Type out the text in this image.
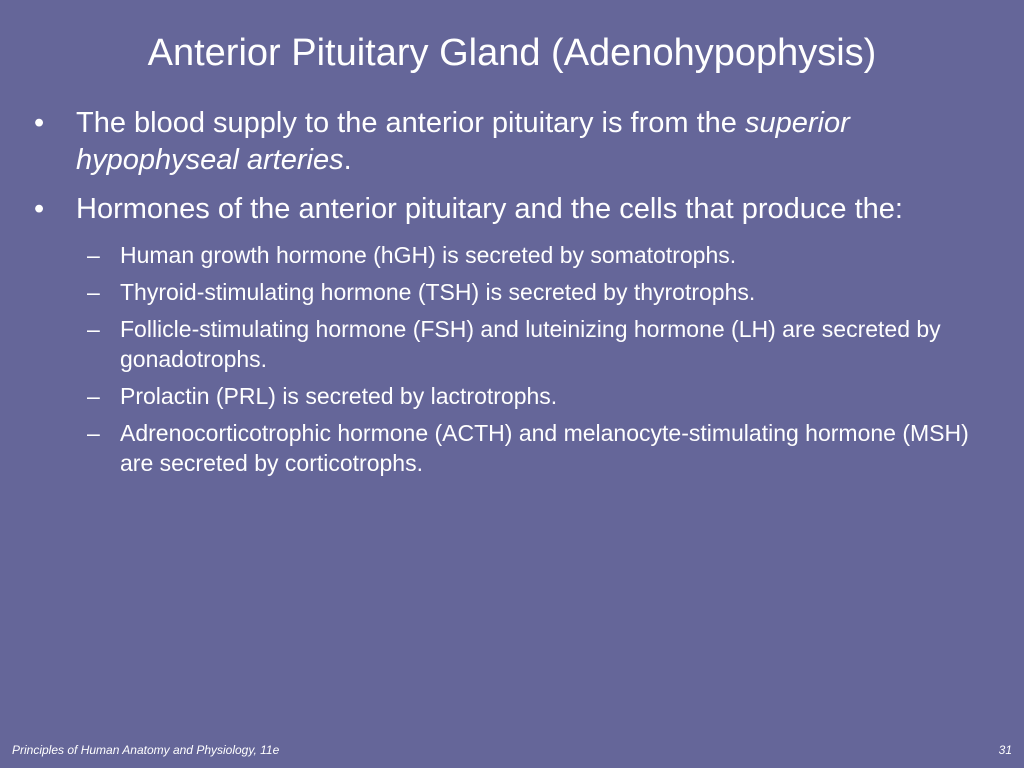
Anterior Pituitary Gland (Adenohypophysis)
• The blood supply to the anterior pituitary is from the superior hypophyseal arteries.
• Hormones of the anterior pituitary and the cells that produce the:
– Human growth hormone (hGH) is secreted by somatotrophs.
– Thyroid-stimulating hormone (TSH) is secreted by thyrotrophs.
– Follicle-stimulating hormone (FSH) and luteinizing hormone (LH) are secreted by gonadotrophs.
– Prolactin (PRL) is secreted by lactrotrophs.
– Adrenocorticotrophic hormone (ACTH) and melanocyte-stimulating hormone (MSH) are secreted by corticotrophs.
Principles of Human Anatomy and Physiology, 11e	31
